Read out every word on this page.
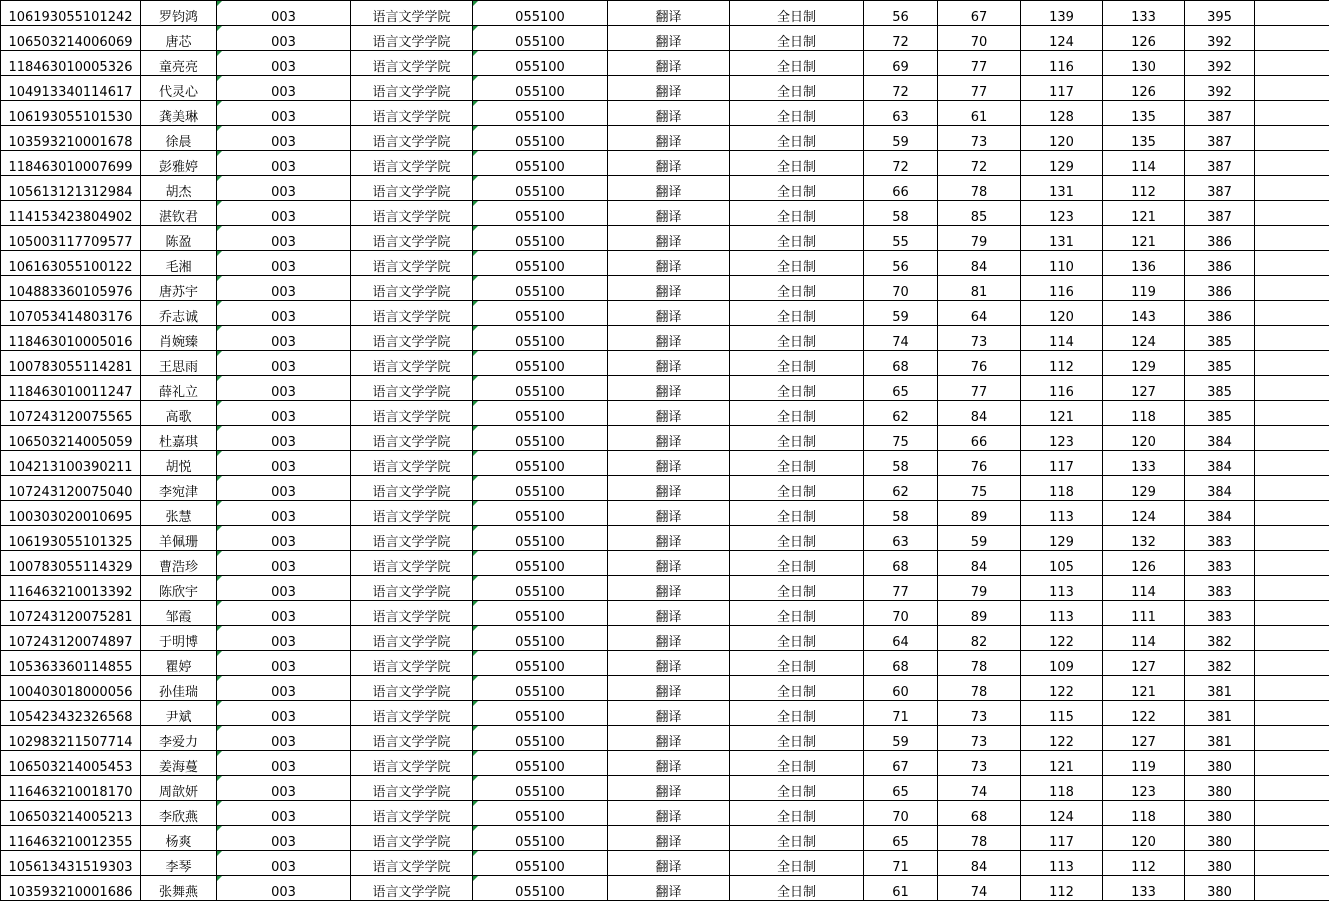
106193055101242	罗钧鸿	003	语言文学学院	055100	翻译	全日制	56	67	139	133	395	
106503214006069	唐芯	003	语言文学学院	055100	翻译	全日制	72	70	124	126	392	
118463010005326	童亮亮	003	语言文学学院	055100	翻译	全日制	69	77	116	130	392	
104913340114617	代灵心	003	语言文学学院	055100	翻译	全日制	72	77	117	126	392	
106193055101530	龚美琳	003	语言文学学院	055100	翻译	全日制	63	61	128	135	387	
103593210001678	徐晨	003	语言文学学院	055100	翻译	全日制	59	73	120	135	387	
118463010007699	彭雅婷	003	语言文学学院	055100	翻译	全日制	72	72	129	114	387	
105613121312984	胡杰	003	语言文学学院	055100	翻译	全日制	66	78	131	112	387	
114153423804902	湛钦君	003	语言文学学院	055100	翻译	全日制	58	85	123	121	387	
105003117709577	陈盈	003	语言文学学院	055100	翻译	全日制	55	79	131	121	386	
106163055100122	毛湘	003	语言文学学院	055100	翻译	全日制	56	84	110	136	386	
104883360105976	唐苏宇	003	语言文学学院	055100	翻译	全日制	70	81	116	119	386	
107053414803176	乔志诚	003	语言文学学院	055100	翻译	全日制	59	64	120	143	386	
118463010005016	肖婉臻	003	语言文学学院	055100	翻译	全日制	74	73	114	124	385	
100783055114281	王思雨	003	语言文学学院	055100	翻译	全日制	68	76	112	129	385	
118463010011247	薛礼立	003	语言文学学院	055100	翻译	全日制	65	77	116	127	385	
107243120075565	高歌	003	语言文学学院	055100	翻译	全日制	62	84	121	118	385	
106503214005059	杜嘉琪	003	语言文学学院	055100	翻译	全日制	75	66	123	120	384	
104213100390211	胡悦	003	语言文学学院	055100	翻译	全日制	58	76	117	133	384	
107243120075040	李宛津	003	语言文学学院	055100	翻译	全日制	62	75	118	129	384	
100303020010695	张慧	003	语言文学学院	055100	翻译	全日制	58	89	113	124	384	
106193055101325	羊佩珊	003	语言文学学院	055100	翻译	全日制	63	59	129	132	383	
100783055114329	曹浩珍	003	语言文学学院	055100	翻译	全日制	68	84	105	126	383	
116463210013392	陈欣宇	003	语言文学学院	055100	翻译	全日制	77	79	113	114	383	
107243120075281	邹霞	003	语言文学学院	055100	翻译	全日制	70	89	113	111	383	
107243120074897	于明博	003	语言文学学院	055100	翻译	全日制	64	82	122	114	382	
105363360114855	瞿婷	003	语言文学学院	055100	翻译	全日制	68	78	109	127	382	
100403018000056	孙佳瑞	003	语言文学学院	055100	翻译	全日制	60	78	122	121	381	
105423432326568	尹斌	003	语言文学学院	055100	翻译	全日制	71	73	115	122	381	
102983211507714	李爱力	003	语言文学学院	055100	翻译	全日制	59	73	122	127	381	
106503214005453	姜海蔓	003	语言文学学院	055100	翻译	全日制	67	73	121	119	380	
116463210018170	周歆妍	003	语言文学学院	055100	翻译	全日制	65	74	118	123	380	
106503214005213	李欣燕	003	语言文学学院	055100	翻译	全日制	70	68	124	118	380	
116463210012355	杨爽	003	语言文学学院	055100	翻译	全日制	65	78	117	120	380	
105613431519303	李琴	003	语言文学学院	055100	翻译	全日制	71	84	113	112	380	
103593210001686	张舞燕	003	语言文学学院	055100	翻译	全日制	61	74	112	133	380	
